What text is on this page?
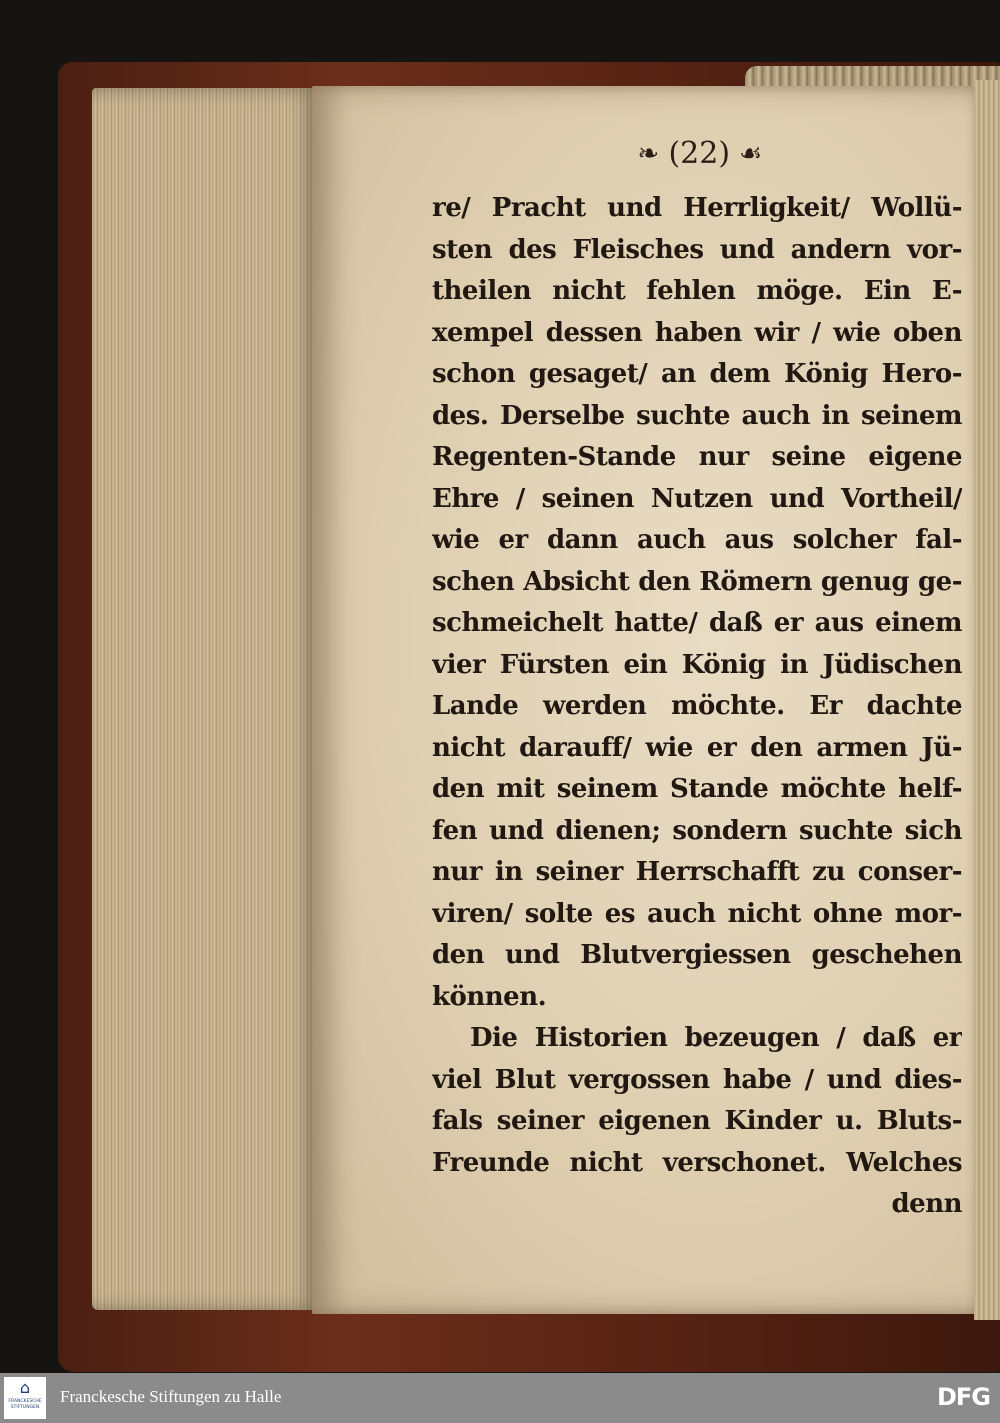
❧ (22) ☙
re/ Pracht und Herrligkeit/ Wollü-
sten des Fleisches und andern vor-
theilen nicht fehlen möge. Ein E-
xempel dessen haben wir / wie oben
schon gesaget/ an dem König Hero-
des. Derselbe suchte auch in seinem
Regenten-Stande nur seine eigene
Ehre / seinen Nutzen und Vortheil/
wie er dann auch aus solcher fal-
schen Absicht den Römern genug ge-
schmeichelt hatte/ daß er aus einem
vier Fürsten ein König in Jüdischen
Lande werden möchte. Er dachte
nicht darauff/ wie er den armen Jü-
den mit seinem Stande möchte helf-
fen und dienen; sondern suchte sich
nur in seiner Herrschafft zu conser-
viren/ solte es auch nicht ohne mor-
den und Blutvergiessen geschehen
können.
Die Historien bezeugen / daß er
viel Blut vergossen habe / und dies-
fals seiner eigenen Kinder u. Bluts-
Freunde nicht verschonet. Welches
denn
⌂
FRANCKESCHE STIFTUNGEN
Franckesche Stiftungen zu Halle	DFG
